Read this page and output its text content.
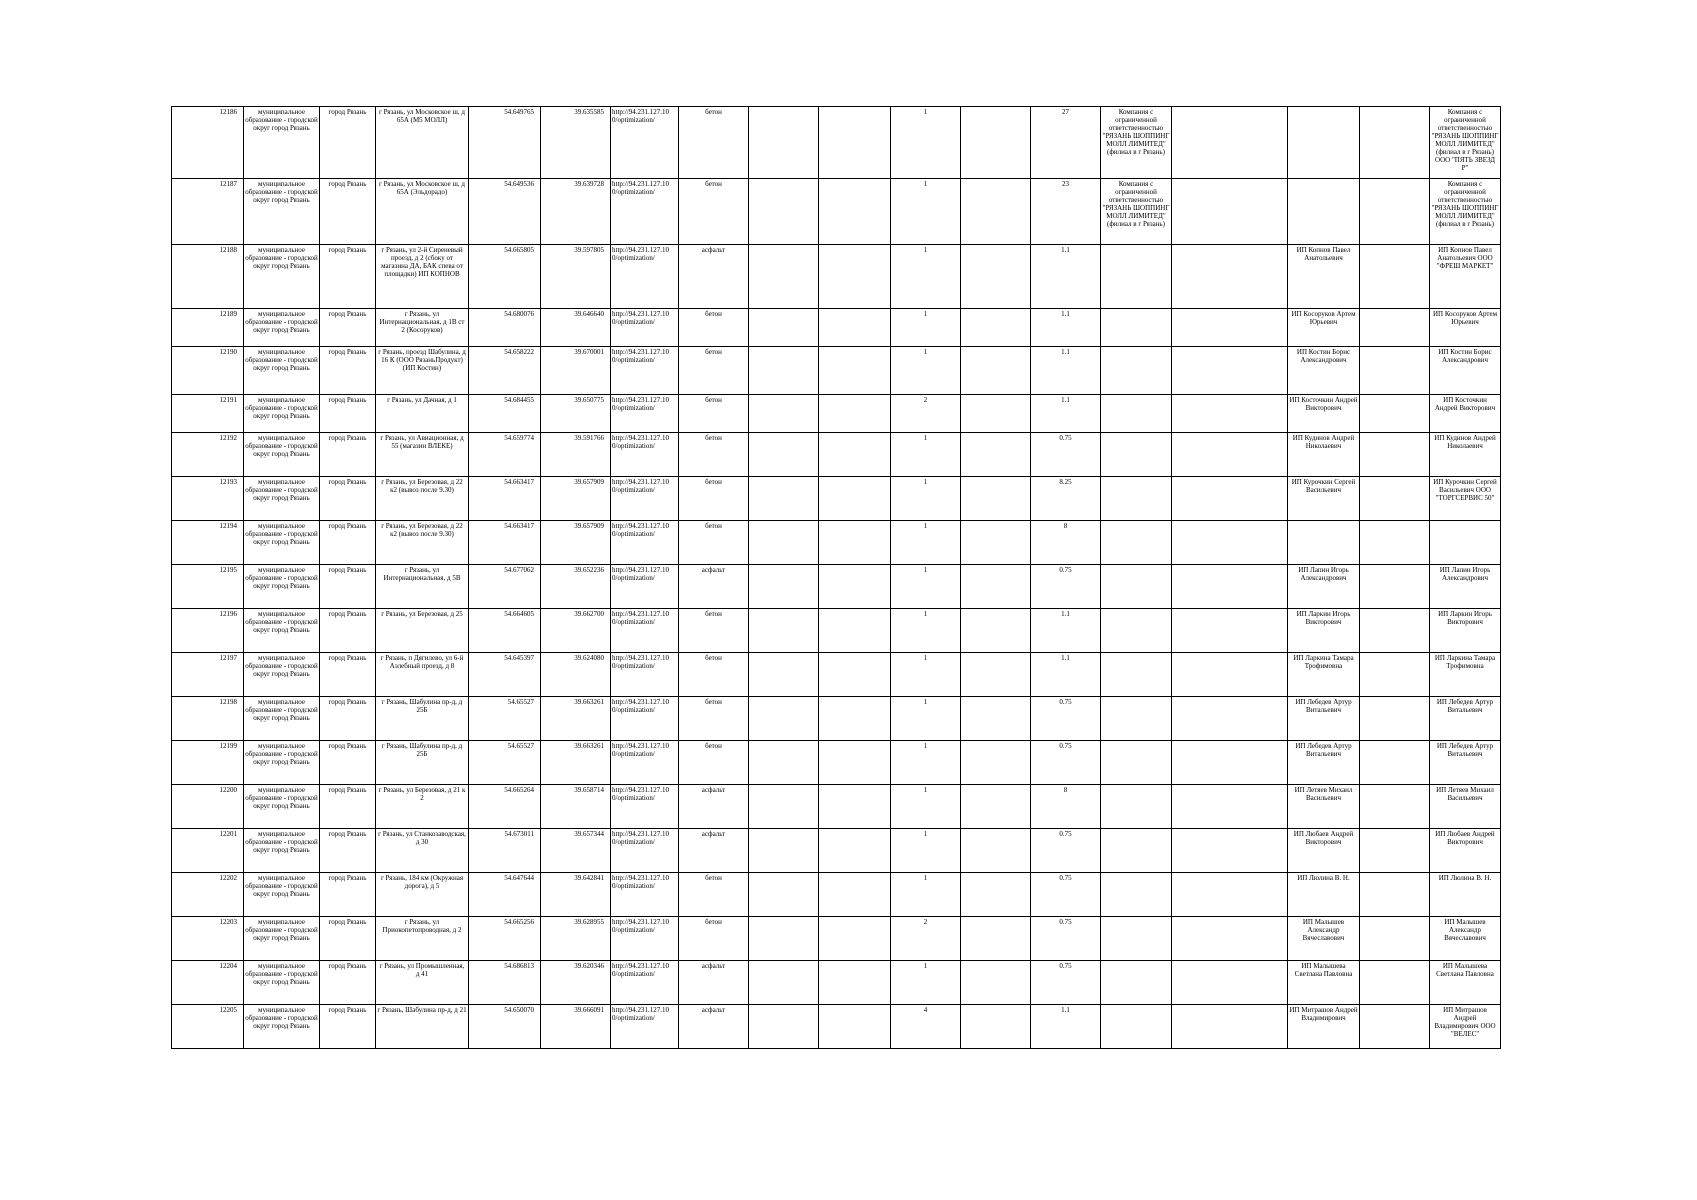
12186	муниципальное образование - городской округ город Рязань	город Рязань	г Рязань, ул Московское ш, д 65А (М5 МОЛЛ)	54.649765	39.635585	http://94.231.127.10 0/optimization/	бетон			1		27	Компания с ограниченной ответственностью "РЯЗАНЬ ШОППИНГ МОЛЛ ЛИМИТЕД" (филиал в г Рязань)				Компания с ограниченной ответственностью "РЯЗАНЬ ШОППИНГ МОЛЛ ЛИМИТЕД" (филиал в г Рязань) ООО "ПЯТЬ ЗВЕЗД Р"
12187	муниципальное образование - городской округ город Рязань	город Рязань	г Рязань, ул Московское ш, д 65А (Эльдорадо)	54.649536	39.639728	http://94.231.127.10 0/optimization/	бетон			1		23	Компания с ограниченной ответственностью "РЯЗАНЬ ШОППИНГ МОЛЛ ЛИМИТЕД" (филиал в г Рязань)				Компания с ограниченной ответственностью "РЯЗАНЬ ШОППИНГ МОЛЛ ЛИМИТЕД" (филиал в г Рязань)
12188	муниципальное образование - городской округ город Рязань	город Рязань	г Рязань, ул 2-й Сиреневый проезд, д 2 (сбоку от магазина ДА, БАК спева от площадки) ИП КОПНОВ	54.665805	39.597805	http://94.231.127.10 0/optimization/	асфальт			1		1.1			ИП Копнов Павел Анатольевич		ИП Копнов Павел Анатольевич ООО "ФРЕШ МАРКЕТ"
12189	муниципальное образование - городской округ город Рязань	город Рязань	г Рязань, ул Интернациональная, д 1В ст 2 (Косоруков)	54.680076	39.646640	http://94.231.127.10 0/optimization/	бетон			1		1.1			ИП Косоруков Артем Юрьевич		ИП Косоруков Артем Юрьевич
12190	муниципальное образование - городской округ город Рязань	город Рязань	г Рязань, проезд Шабулина, д 16 К (ООО РязаньПродукт)(ИП Костин)	54.658222	39.670001	http://94.231.127.10 0/optimization/	бетон			1		1.1			ИП Костин Борис Александрович		ИП Костин Борис Александрович
12191	муниципальное образование - городской округ город Рязань	город Рязань	г Рязань, ул Дачная, д 1	54.684455	39.650775	http://94.231.127.10 0/optimization/	бетон			2		1.1			ИП Косточкин Андрей Викторович		ИП Косточкин Андрей Викторович
12192	муниципальное образование - городской округ город Рязань	город Рязань	г Рязань, ул Авиационная, д 55 (магазин ВЛЕКЕ)	54.659774	39.591766	http://94.231.127.10 0/optimization/	бетон			1		0.75			ИП Кудинов Андрей Николаевич		ИП Кудинов Андрей Николаевич
12193	муниципальное образование - городской округ город Рязань	город Рязань	г Рязань, ул Березовая, д 22 к2 (вывоз после 9.30)	54.663417	39.657909	http://94.231.127.10 0/optimization/	бетон			1		8.25			ИП Курочкин Сергей Васильевич		ИП Курочкин Сергей Васильевич ООО "ТОРГСЕРВИС 50"
12194	муниципальное образование - городской округ город Рязань	город Рязань	г Рязань, ул Березовая, д 22 к2 (вывоз после 9.30)	54.663417	39.657909	http://94.231.127.10 0/optimization/	бетон			1		8					
12195	муниципальное образование - городской округ город Рязань	город Рязань	г Рязань, ул Интернациональная, д 5В	54.677062	39.652236	http://94.231.127.10 0/optimization/	асфальт			1		0.75			ИП Лапин Игорь Александрович		ИП Лапин Игорь Александрович
12196	муниципальное образование - городской округ город Рязань	город Рязань	г Рязань, ул Березовая, д 25	54.664605	39.662700	http://94.231.127.10 0/optimization/	бетон			1		1.1			ИП Ларкин Игорь Викторович		ИП Ларкин Игорь Викторович
12197	муниципальное образование - городской округ город Рязань	город Рязань	г Рязань, п Дягилево, ул 6-й Аэлебный проезд, д 8	54.645397	39.624080	http://94.231.127.10 0/optimization/	бетон			1		1.1			ИП Ларкина Тамара Трофимовна		ИП Ларкина Тамара Трофимовна
12198	муниципальное образование - городской округ город Рязань	город Рязань	г Рязань, Шабулина пр-д, д 25Б	54.65527	39.663261	http://94.231.127.10 0/optimization/	бетон			1		0.75			ИП Лебедев Артур Витальевич		ИП Лебедев Артур Витальевич
12199	муниципальное образование - городской округ город Рязань	город Рязань	г Рязань, Шабулина пр-д, д 25Б	54.65527	39.663261	http://94.231.127.10 0/optimization/	бетон			1		0.75			ИП Лебедев Артур Витальевич		ИП Лебедев Артур Витальевич
12200	муниципальное образование - городской округ город Рязань	город Рязань	г Рязань, ул Березовая, д 21 к 2	54.665264	39.658714	http://94.231.127.10 0/optimization/	асфальт			1		8			ИП Летяев Михаил Васильевич		ИП Летяев Михаил Васильевич
12201	муниципальное образование - городской округ город Рязань	город Рязань	г Рязань, ул Станкозаводская, д 30	54.673011	39.657344	http://94.231.127.10 0/optimization/	асфальт			1		0.75			ИП Любаев Андрей Викторович		ИП Любаев Андрей Викторович
12202	муниципальное образование - городской округ город Рязань	город Рязань	г Рязань, 184 км (Окружная дорога), д 5	54.647644	39.642841	http://94.231.127.10 0/optimization/	бетон			1		0.75			ИП Люлина В. Н.		ИП Люлина В. Н.
12203	муниципальное образование - городской округ город Рязань	город Рязань	г Рязань, ул Приокопетопроводная, д 2	54.665256	39.628955	http://94.231.127.10 0/optimization/	бетон			2		0.75			ИП Малышев Александр Вячеславович		ИП Малышев Александр Вячеславович
12204	муниципальное образование - городской округ город Рязань	город Рязань	г Рязань, ул Промышленная, д 41	54.686813	39.620346	http://94.231.127.10 0/optimization/	асфальт			1		0.75			ИП Малышева Светлана Павловна		ИП Малышева Светлана Павловна
12205	муниципальное образование - городской округ город Рязань	город Рязань	г Рязань, Шабулина пр-д, д 21	54.650070	39.666091	http://94.231.127.10 0/optimization/	асфальт			4		1.1			ИП Митрашов Андрей Владимирович		ИП Митрашов Андрей Владимирович ООО "ВЕЛЕС"
